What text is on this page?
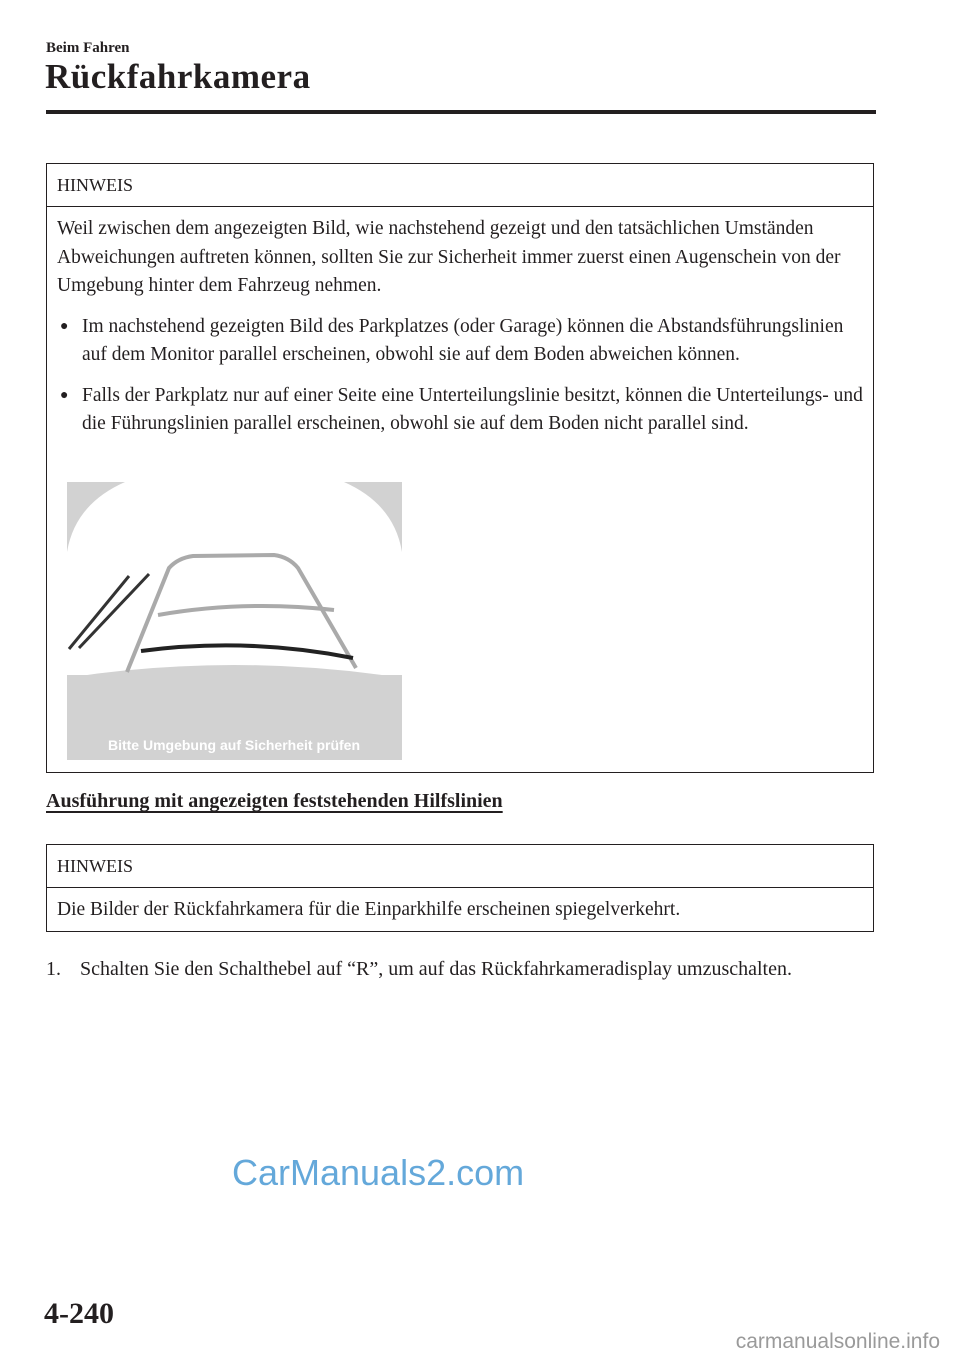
Beim Fahren
Rückfahrkamera
HINWEIS

Weil zwischen dem angezeigten Bild, wie nachstehend gezeigt und den tatsächlichen Umständen Abweichungen auftreten können, sollten Sie zur Sicherheit immer zuerst einen Augenschein von der Umgebung hinter dem Fahrzeug nehmen.

● Im nachstehend gezeigten Bild des Parkplatzes (oder Garage) können die Abstandsführungslinien auf dem Monitor parallel erscheinen, obwohl sie auf dem Boden abweichen können.
● Falls der Parkplatz nur auf einer Seite eine Unterteilungslinie besitzt, können die Unterteilungs- und die Führungslinien parallel erscheinen, obwohl sie auf dem Boden nicht parallel sind.
Bitte Umgebung auf Sicherheit prüfen
Ausführung mit angezeigten feststehenden Hilfslinien
HINWEIS

Die Bilder der Rückfahrkamera für die Einparkhilfe erscheinen spiegelverkehrt.

1. Schalten Sie den Schalthebel auf “R”, um auf das Rückfahrkameradisplay umzuschalten.
CarManuals2.com
4-240
carmanualsonline.info
